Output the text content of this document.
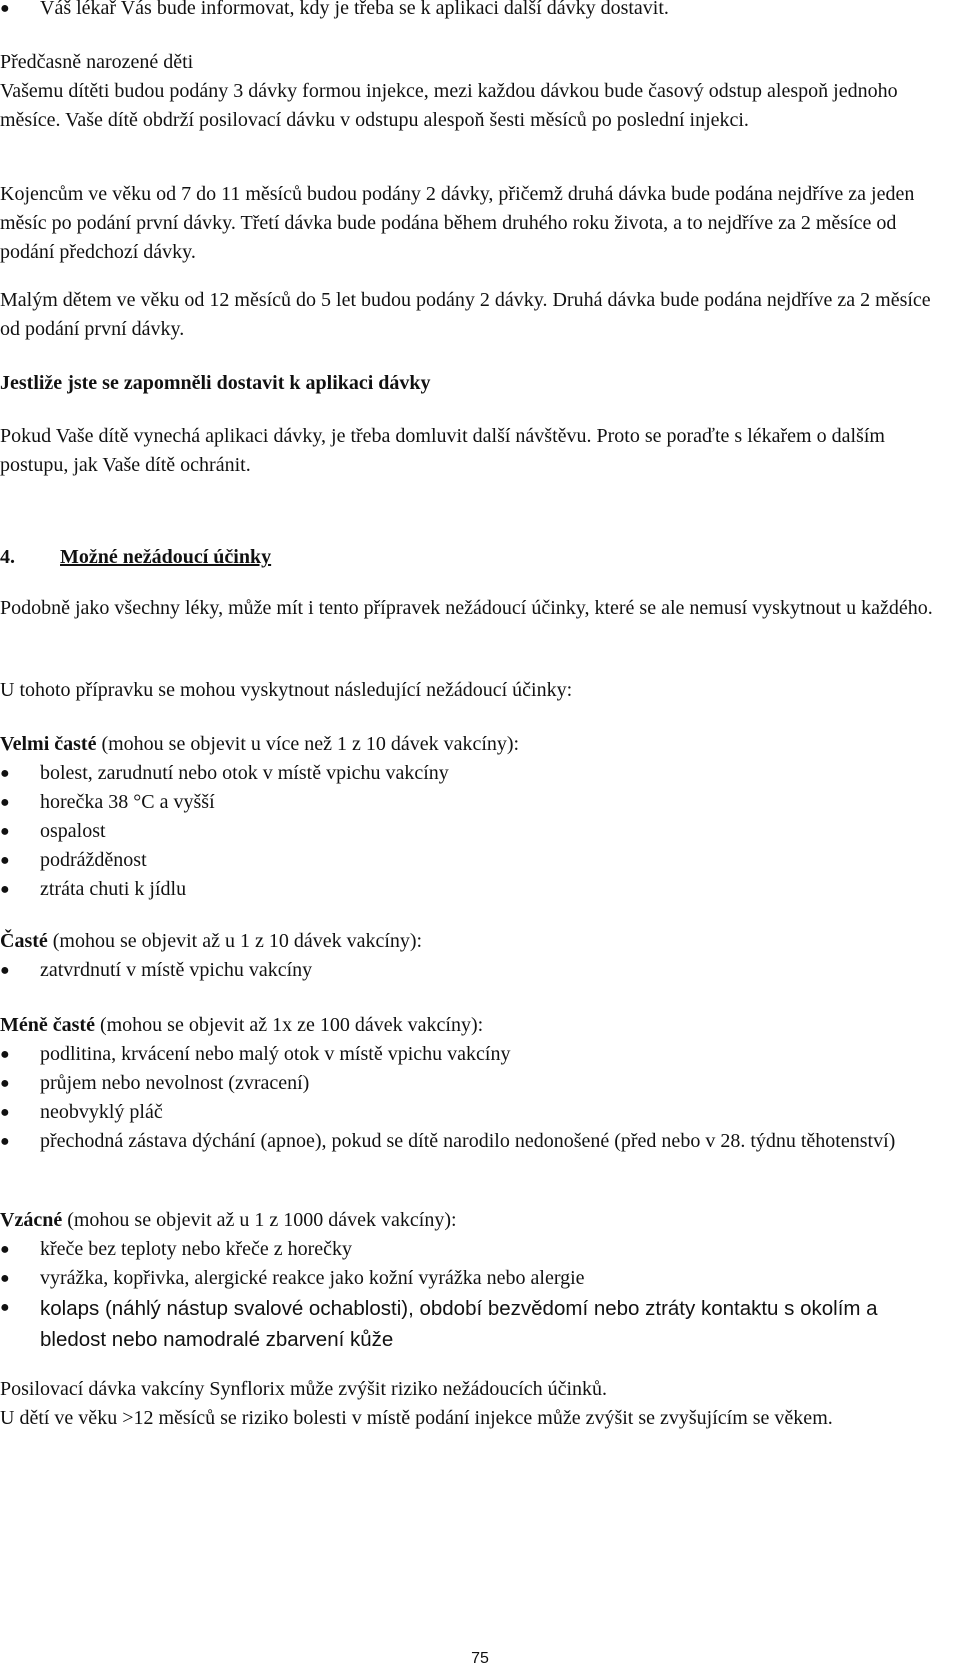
●	Váš lékař Vás bude informovat, kdy je třeba se k aplikaci další dávky dostavit.

Předčasně narozené děti

Vašemu dítěti budou podány 3 dávky formou injekce, mezi každou dávkou bude časový odstup alespoň jednoho měsíce. Vaše dítě obdrží posilovací dávku v odstupu alespoň šesti měsíců po poslední injekci.

Kojencům ve věku od 7 do 11 měsíců budou podány 2 dávky, přičemž druhá dávka bude podána nejdříve za jeden měsíc po podání první dávky. Třetí dávka bude podána během druhého roku života, a to nejdříve za 2 měsíce od podání předchozí dávky.

Malým dětem ve věku od 12 měsíců do 5 let budou podány 2 dávky. Druhá dávka bude podána nejdříve za 2 měsíce od podání první dávky.

Jestliže jste se zapomněli dostavit k aplikaci dávky

Pokud Vaše dítě vynechá aplikaci dávky, je třeba domluvit další návštěvu. Proto se poraďte s lékařem o dalším postupu, jak Vaše dítě ochránit.

4. Možné nežádoucí účinky

Podobně jako všechny léky, může mít i tento přípravek nežádoucí účinky, které se ale nemusí vyskytnout u každého.

U tohoto přípravku se mohou vyskytnout následující nežádoucí účinky:

Velmi časté (mohou se objevit u více než 1 z 10 dávek vakcíny):

●	bolest, zarudnutí nebo otok v místě vpichu vakcíny
●	horečka 38 °C a vyšší
●	ospalost
●	podrážděnost
●	ztráta chuti k jídlu

Časté (mohou se objevit až u 1 z 10 dávek vakcíny):

●	zatvrdnutí v místě vpichu vakcíny

Méně časté (mohou se objevit až 1x ze 100 dávek vakcíny):

●	podlitina, krvácení nebo malý otok v místě vpichu vakcíny
●	průjem nebo nevolnost (zvracení)
●	neobvyklý pláč
●	přechodná zástava dýchání (apnoe), pokud se dítě narodilo nedonošené (před nebo v 28. týdnu těhotenství)

Vzácné (mohou se objevit až u 1 z 1000 dávek vakcíny):

●	křeče bez teploty nebo křeče z horečky
●	vyrážka, kopřivka, alergické reakce jako kožní vyrážka nebo alergie
●	kolaps (náhlý nástup svalové ochablosti), období bezvědomí nebo ztráty kontaktu s okolím a bledost nebo namodralé zbarvení kůže

Posilovací dávka vakcíny Synflorix může zvýšit riziko nežádoucích účinků.

U dětí ve věku >12 měsíců se riziko bolesti v místě podání injekce může zvýšit se zvyšujícím se věkem.

75
